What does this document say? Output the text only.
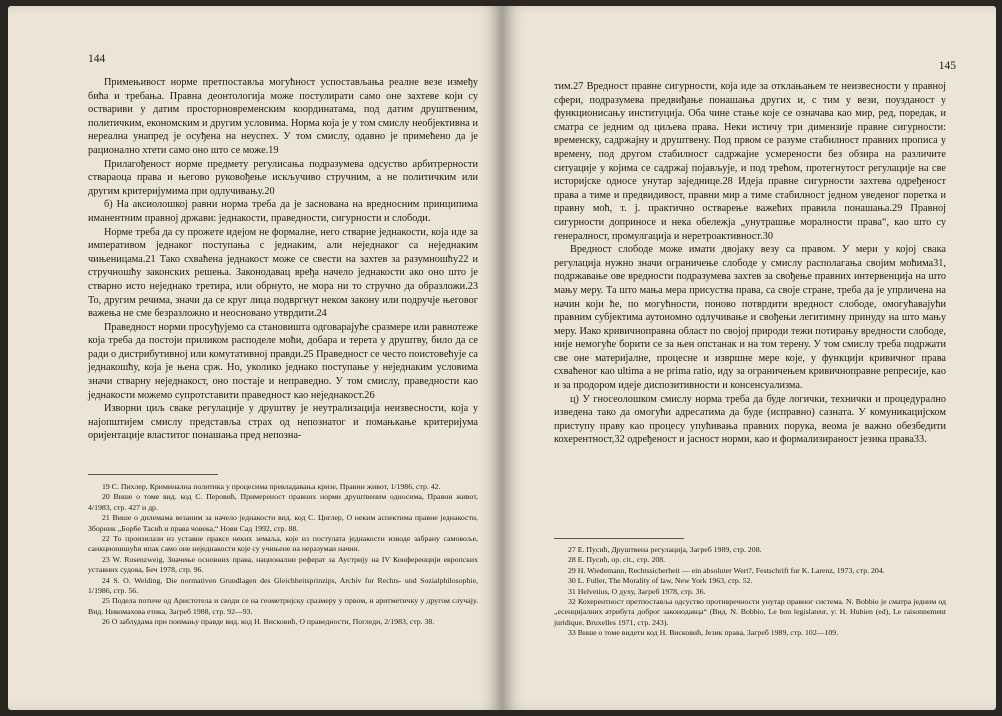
144

Примењивост норме претпоставља могућност успостављања реалне везе између бића и требања. Правна деонтологија може постулирати само оне захтеве који су оствариви у датим просторновременским координатама, под датим друштвеним, политичким, економским и другим условима. Норма која је у том смислу необјективна и нереална унапред је осуђена на неуспех. У том смислу, одавно је примећено да је рационално хтети само оно што се може.19

Прилагођеност норме предмету регулисања подразумева одсуство арбитрерности ствараоца права и његово руковођење искључиво стручним, а не политичким или другим критеријумима при одлучивању.20

б) На аксиолошкој равни норма треба да је заснована на вредносним принципима иманентним правној држави: једнакости, праведности, сигурности и слободи.

Норме треба да су прожете идејом не формалне, него стварне једнакости, која иде за императивом једнаког поступања с једнаким, али неједнаког са неједнаким чињеницама.21 Тако схваћена једнакост може се свести на захтев за разумношћу22 и стручношћу законских решења. Законодавац вређа начело једнакости ако оно што је стварно исто неједнако третира, или обрнуто, не мора ни то стручно да образложи.23 То, другим речима, значи да се круг лица подвргнут неком закону или подручје његовог важења не сме безразложно и неосновано утврдити.24

Праведност норми просуђујемо са становишта одговарајуће сразмере или равнотеже која треба да постоји приликом расподеле моћи, добара и терета у друштву, било да се ради о дистрибутивној или комутативној правди.25 Праведност се често поистовећује са једнакошћу, која је њена срж. Но, уколико једнако поступање у неједнаким условима значи стварну неједнакост, оно постаје и неправедно. У том смислу, праведности као једнакости можемо супротставити праведност као неједнакост.26

Изворни циљ сваке регулације у друштву је неутрализација неизвесности, која у најопштијем смислу представља страх од непознатог и помањкање критеријума оријентације властитог понашања пред непозна-

19 С. Пихлер, Криминална политика у процесима превладавања кризе, Правни живот, 1/1986, стр. 42.

20 Више о томе вид. код С. Перовић, Примереност правних норми друштвеним односима, Правни живот, 4/1983, стр. 427 и др.

21 Више о дилемама везаним за начело једнакости вид. код С. Циглер, О неким аспектима правне једнакости, Зборник „Борбе Тасић и права човека,“ Нови Сад 1992, стр. 88.

22 То произилази из уставне праксе неких земаља, које из постулата једнакости изводе забрану самовоље, санкционишући ипак само оне неједнакости које су учињене на неразуман начин.

23 W. Rosenzweig, Значење основних права, национални реферат за Аустрију на IV Конференцији европских уставних судова, Беч 1978, стр. 96.

24 S. O. Welding, Die normativen Grundlagen des Gleichheitsprinzips, Archiv fur Rechts- und Sozialphilosophie, 1/1986, стр. 56.

25 Подела потиче од Аристотела и своди се на геометријску сразмеру у првом, и аритметичку у другом случају. Вид. Никомахова етика, Загреб 1988, стр. 92—93.

26 О заблудама при поимању правде вид. код Н. Висковић, О праведности, Погледи, 2/1983, стр. 38.

145

тим.27 Вредност правне сигурности, која иде за отклањањем те неизвесности у правној сфери, подразумева предвиђање понашања других и, с тим у вези, поузданост у функционисању институција. Оба чине стање које се означава као мир, ред, поредак, и сматра се једним од циљева права. Неки истичу три димензије правне сигурности: временску, садржајну и друштвену. Под првом се разуме стабилност правних прописа у времену, под другом стабилност садржајне усмерености без обзира на различите ситуације у којима се садржај појављује, и под трећом, протегнутост регулације на све историјске односе унутар заједнице.28 Идеја правне сигурности захтева одређеност права а тиме и предвидивост, правни мир а тиме стабилност једном уведеног поретка и правну моћ, т. ј. практично остварење важећих правила понашања.29 Правној сигурности доприносе и нека обележја „унутрашње моралности права“, као што су генералност, промулгација и неретроактивност.30

Вредност слободе може имати двојаку везу са правом. У мери у којој свака регулација нужно значи ограничење слободе у смислу располагања својим моћима31, подржавање ове вредности подразумева захтев за свођење правних интервенција на што мању меру. Та што мања мера присуства права, са своје стране, треба да је упрличена на начин који ће, по могућности, поново потврдити вредност слободе, омогућавајући правним субјектима аутономно одлучивање и свођењи легитимну принуду на што мању меру. Иако кривичноправна област по својој природи тежи потирању вредности слободе, није немогуће борити се за њен опстанак и на том терену. У том смислу треба подржати све оне материјалне, процесне и извршне мере које, у функцији кривичног права схваћеног као ultima a не prima ratio, иду за ограничењем кривичноправне репресије, као и за продором идеје диспозитивности и консенсуализма.

ц) У гносеолошком смислу норма треба да буде логички, технички и процедурално изведена тако да омогући адресатима да буде (исправно) сазната. У комуникацијском приступу праву као процесу упућивања правних порука, веома је важно обезбедити кохерентност,32 одређеност и јасност норми, као и формализираност језика права33.

27 Е. Пусић, Друштвена регулација, Загреб 1989, стр. 208.

28 Е. Пусић, op. cit., стр. 208.

29 H. Wiedemann, Rechtssicherheit — ein absoluter Wert?, Festschrift fur K. Larenz, 1973, стр. 204.

30 L. Fuller, The Morality of law, New York 1963, стр. 52.

31 Helvetius, О духу, Загреб 1978, стр. 36.

32 Кохерентност претпоставља одсуство противречности унутар правног система. N. Bobbio је сматра једним од „есенцијалних атрибута доброг законодавца“ (Вид. N. Bobbio, Le bon legislateur, у: H. Hubien (ed), Le raisonnement juridique, Bruxelles 1971, стр. 243).

33 Више о томе видети код Н. Висковић, Језик права, Загреб 1989, стр. 102—109.
